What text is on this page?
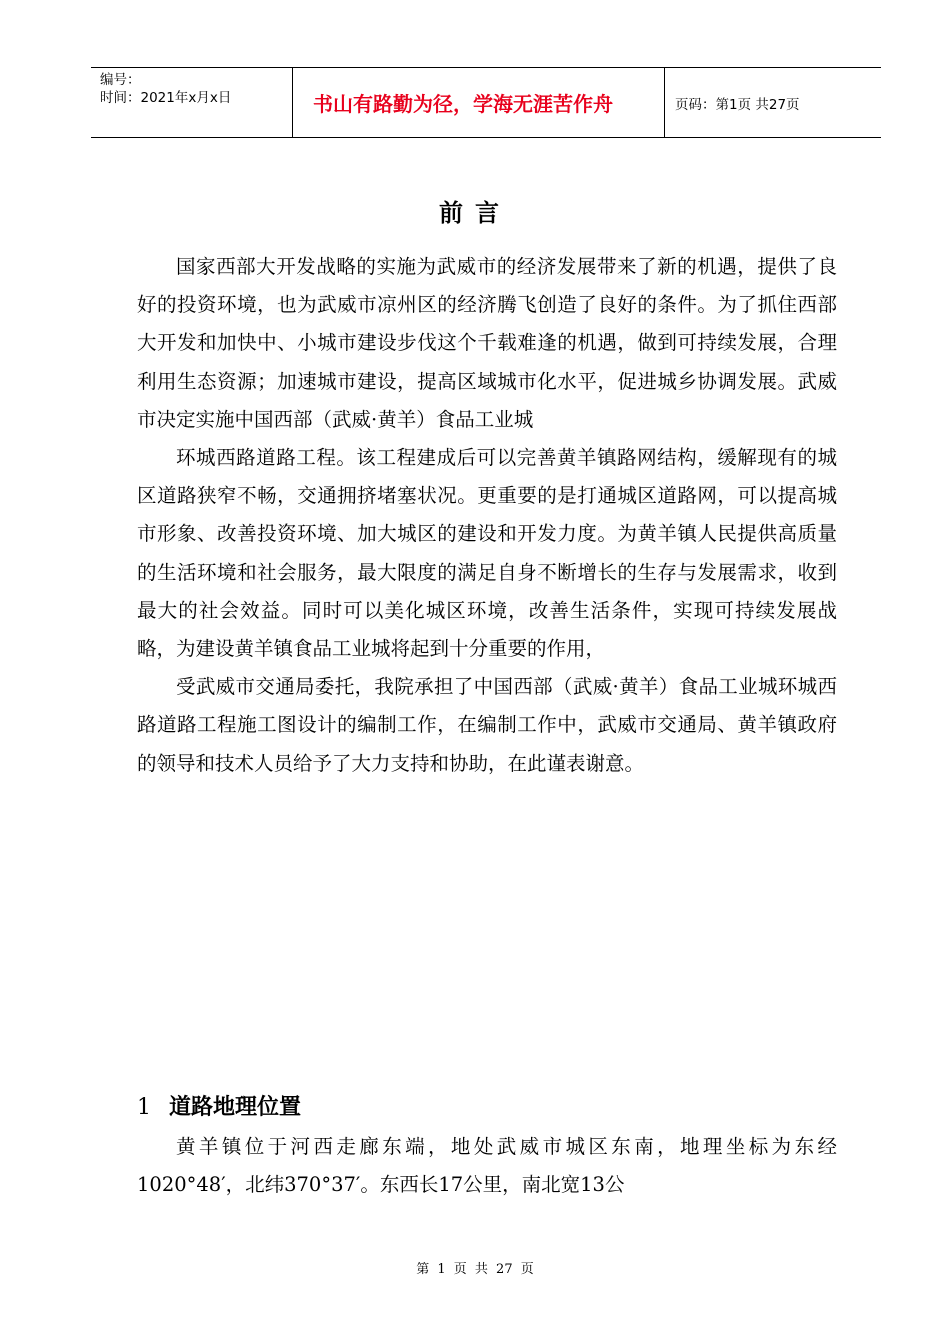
编号：
时间：2021年x月x日	书山有路勤为径，学海无涯苦作舟	页码：第1页 共27页
前言

国家西部大开发战略的实施为武威市的经济发展带来了新的机遇，提供了良好的投资环境，也为武威市凉州区的经济腾飞创造了良好的条件。为了抓住西部大开发和加快中、小城市建设步伐这个千载难逢的机遇，做到可持续发展，合理利用生态资源；加速城市建设，提高区域城市化水平，促进城乡协调发展。武威市决定实施中国西部（武威·黄羊）食品工业城

环城西路道路工程。该工程建成后可以完善黄羊镇路网结构，缓解现有的城区道路狭窄不畅，交通拥挤堵塞状况。更重要的是打通城区道路网，可以提高城市形象、改善投资环境、加大城区的建设和开发力度。为黄羊镇人民提供高质量的生活环境和社会服务，最大限度的满足自身不断增长的生存与发展需求，收到最大的社会效益。同时可以美化城区环境，改善生活条件，实现可持续发展战略，为建设黄羊镇食品工业城将起到十分重要的作用，

受武威市交通局委托，我院承担了中国西部（武威·黄羊）食品工业城环城西路道路工程施工图设计的编制工作，在编制工作中，武威市交通局、黄羊镇政府的领导和技术人员给予了大力支持和协助，在此谨表谢意。

1 道路地理位置

黄羊镇位于河西走廊东端，地处武威市城区东南，地理坐标为东经1020°48′，北纬370°37′。东西长17公里，南北宽13公

第 1 页 共 27 页
